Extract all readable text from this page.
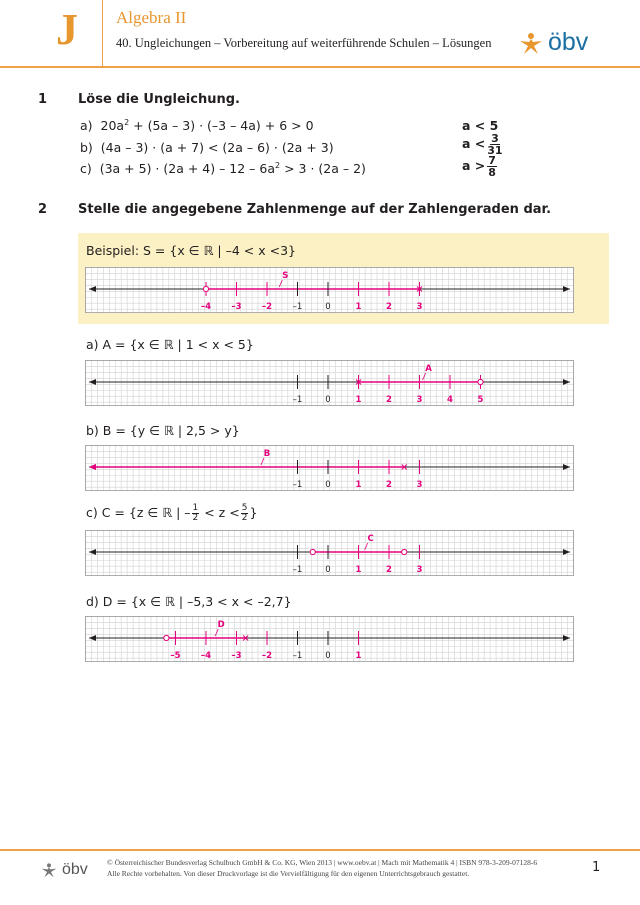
J Algebra II
40. Ungleichungen – Vorbereitung auf weiterführende Schulen – Lösungen öbv
1 Löse die Ungleichung.
a) $20a^2 + (5a - 3) \cdot (-3 - 4a) + 6 > 0$	a < 5
b) (4a – 3) · (a + 7) < (2a – 6) · (2a + 3)	$a < \frac{3}{31}$
c) $(3a + 5) \cdot (2a + 4) - 12 - 6a^2 > 3 \cdot (2a - 2)$	$a > \frac{7}{8}$
2 Stelle die angegebene Zahlenmenge auf der Zahlengeraden dar.
Beispiel: S = {x ∈ ℝ | –4 < x <3}
–4 –3 –2 –1	0	1	2	3
S
a) A = {x ∈ ℝ | 1 < x < 5}
–1	0	1	2	3	4	5
A
b) B = {y ∈ ℝ | 2,5 > y}
–1	0	1	2	3
B
c) C = {z ∈ ℝ | – $\frac{1}{2} < z < \frac{5}{2}$ }
–1	0	1	2	3
C
d) D = {x ∈ ℝ | –5,3 < x < –2,7}
–5 –4 –3 –2 –1	0	1
D
öbv	© Österreichischer Bundesverlag Schulbuch GmbH & Co. KG, Wien 2013 | www.oebv.at | Mach mit Mathematik 4 | ISBN 978-3-209-07128-6
Alle Rechte vorbehalten. Von dieser Druckvorlage ist die Vervielfältigung für den eigenen Unterrichtsgebrauch gestattet.	1
